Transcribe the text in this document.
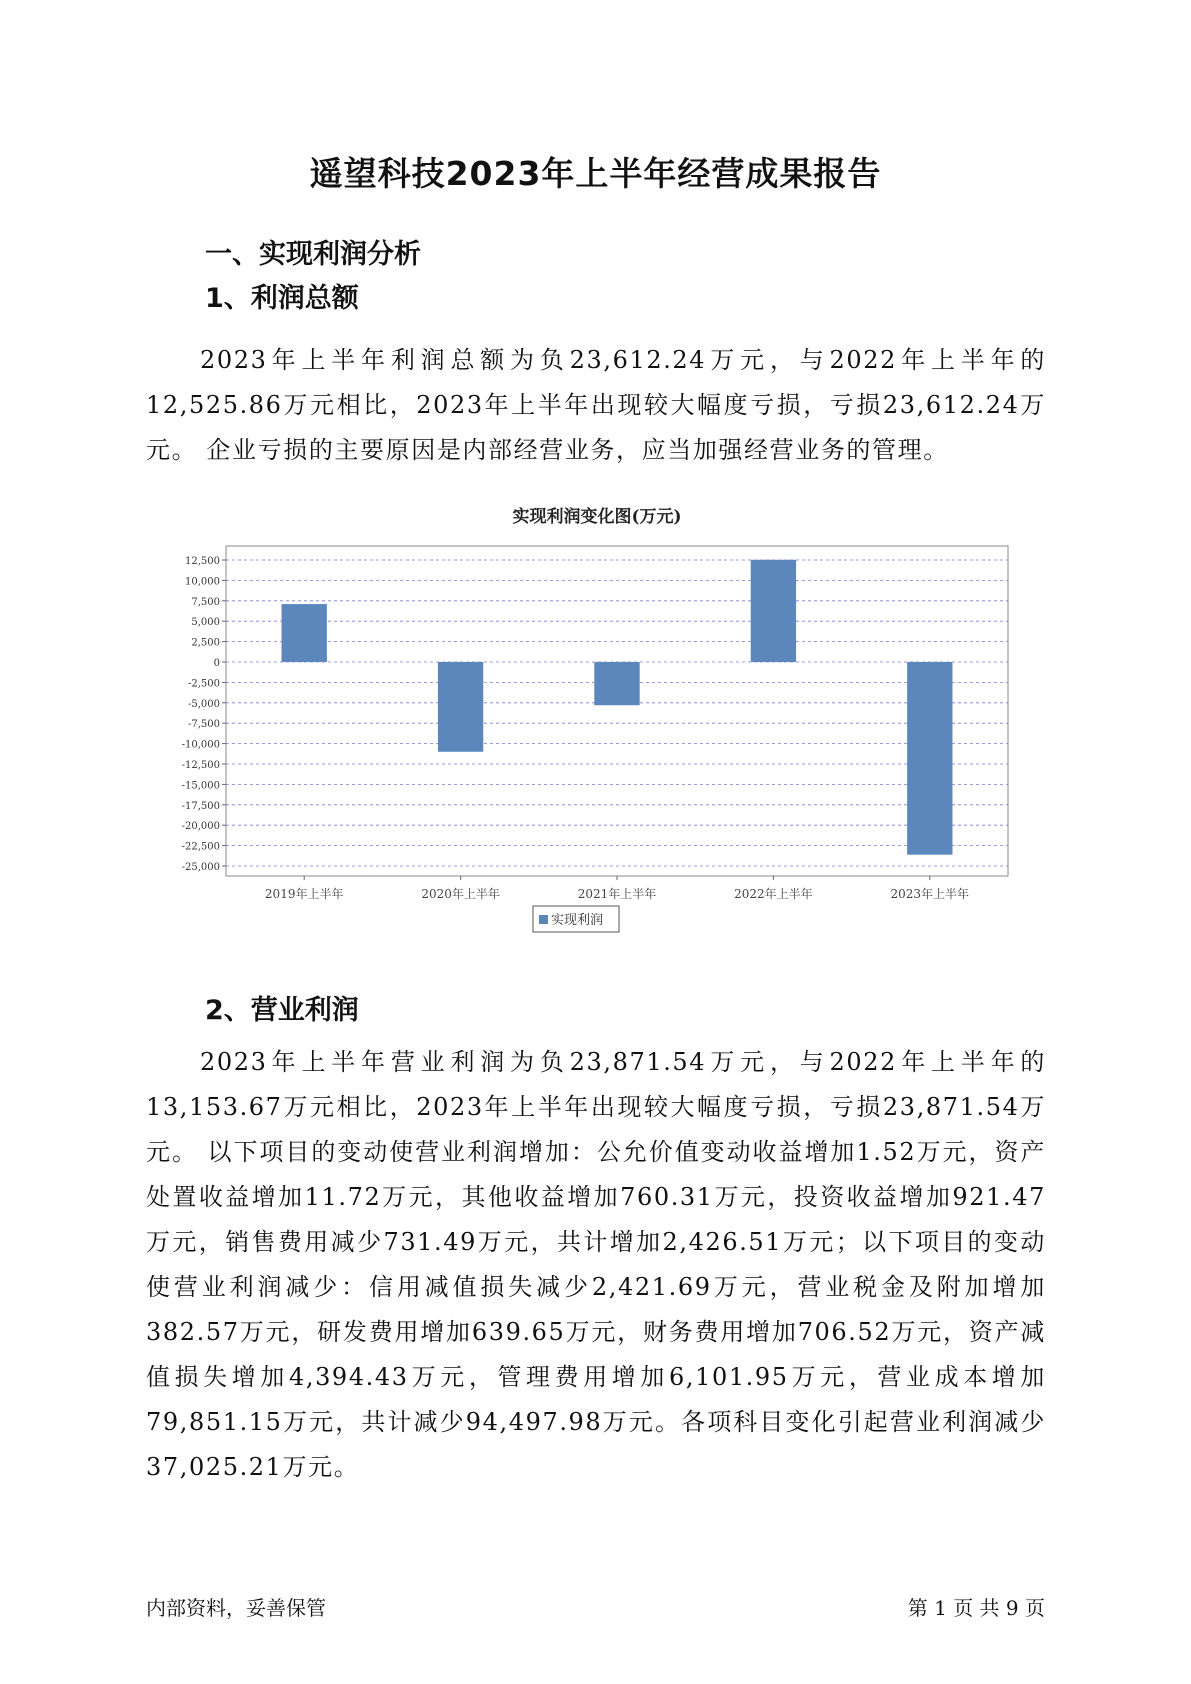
遥望科技2023年上半年经营成果报告
一、实现利润分析
1、利润总额

2023年上半年利润总额为负23,612.24万元，与2022年上半年的12,525.86万元相比，2023年上半年出现较大幅度亏损，亏损23,612.24万元。 企业亏损的主要原因是内部经营业务，应当加强经营业务的管理。

实现利润变化图(万元)
12,500
10,000
7,500
5,000
2,500
0
-2,500
-5,000
-7,500
-10,000
-12,500
-15,000
-17,500
-20,000
-22,500
-25,000
2019年上半年	2020年上半年	2021年上半年	2022年上半年	2023年上半年
实现利润
2、营业利润

2023年上半年营业利润为负23,871.54万元，与2022年上半年的13,153.67万元相比，2023年上半年出现较大幅度亏损，亏损23,871.54万元。 以下项目的变动使营业利润增加：公允价值变动收益增加1.52万元，资产处置收益增加11.72万元，其他收益增加760.31万元，投资收益增加921.47万元，销售费用减少731.49万元，共计增加2,426.51万元；以下项目的变动使营业利润减少：信用减值损失减少2,421.69万元，营业税金及附加增加382.57万元，研发费用增加639.65万元，财务费用增加706.52万元，资产减值损失增加4,394.43万元，管理费用增加6,101.95万元，营业成本增加79,851.15万元，共计减少94,497.98万元。各项科目变化引起营业利润减少37,025.21万元。

内部资料，妥善保管	第 1 页 共 9 页
